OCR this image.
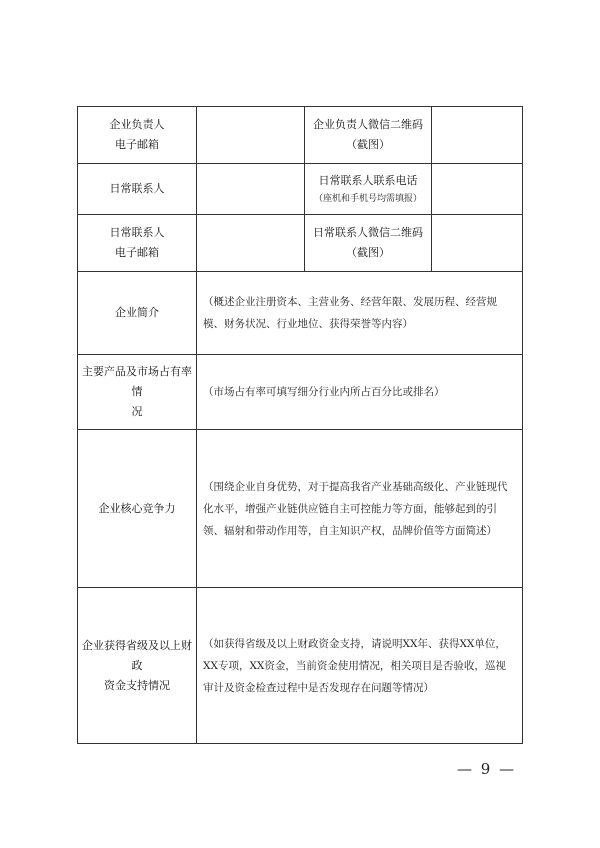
企业负责人
电子邮箱		企业负责人微信二维码
（截图）	
日常联系人		日常联系人联系电话
（座机和手机号均需填报）	

日常联系人
电子邮箱		日常联系人微信二维码
（截图）	
企业简介	（概述企业注册资本、主营业务、经营年限、发展历程、经营规模、财务状况、行业地位、获得荣誉等内容）		
主要产品及市场占有率情
况	（市场占有率可填写细分行业内所占百分比或排名）		
企业核心竞争力	（围绕企业自身优势，对于提高我省产业基础高级化、产业链现代化水平，增强产业链供应链自主可控能力等方面，能够起到的引领、辐射和带动作用等，自主知识产权，品牌价值等方面简述）		
企业获得省级及以上财政
资金支持情况	（如获得省级及以上财政资金支持，请说明XX年、获得XX单位，XX专项，XX资金，当前资金使用情况，相关项目是否验收，巡视审计及资金检查过程中是否发现存在问题等情况）		
— 9 —
